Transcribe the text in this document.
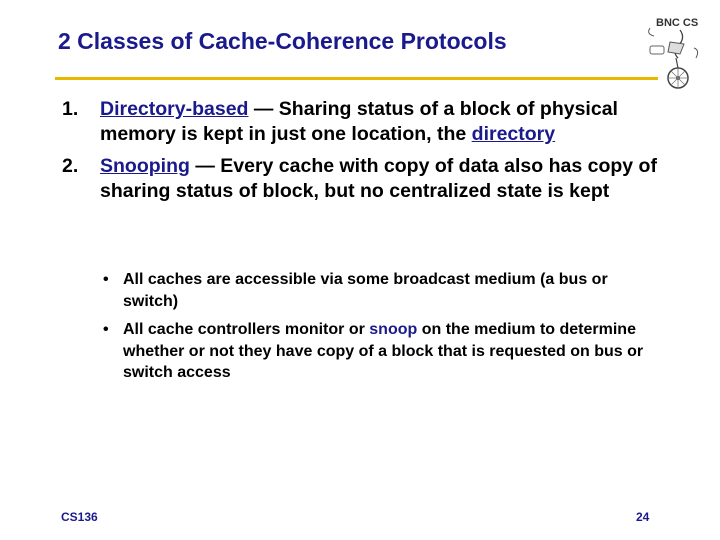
2 Classes of Cache-Coherence Protocols
BNC CS
1. Directory-based — Sharing status of a block of physical memory is kept in just one location, the directory
2. Snooping — Every cache with copy of data also has copy of sharing status of block, but no centralized state is kept
• All caches are accessible via some broadcast medium (a bus or switch)
• All cache controllers monitor or snoop on the medium to determine whether or not they have copy of a block that is requested on bus or switch access
CS136	24
